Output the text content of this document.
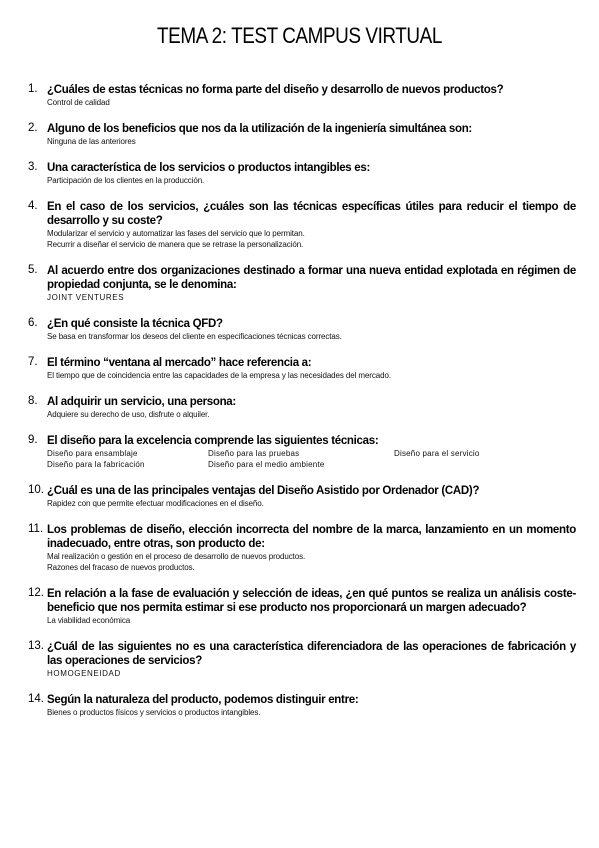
TEMA 2: TEST CAMPUS VIRTUAL
1. ¿Cuáles de estas técnicas no forma parte del diseño y desarrollo de nuevos productos?
Control de calidad
2. Alguno de los beneficios que nos da la utilización de la ingeniería simultánea son:
Ninguna de las anteriores
3. Una característica de los servicios o productos intangibles es:
Participación de los clientes en la producción.
4. En el caso de los servicios, ¿cuáles son las técnicas específicas útiles para reducir el tiempo de desarrollo y su coste?
Modularizar el servicio y automatizar las fases del servicio que lo permitan.
Recurrir a diseñar el servicio de manera que se retrase la personalización.
5. Al acuerdo entre dos organizaciones destinado a formar una nueva entidad explotada en régimen de propiedad conjunta, se le denomina:
JOINT VENTURES
6. ¿En qué consiste la técnica QFD?
Se basa en transformar los deseos del cliente en especificaciones técnicas correctas.
7. El término “ventana al mercado” hace referencia a:
El tiempo que de coincidencia entre las capacidades de la empresa y las necesidades del mercado.
8. Al adquirir un servicio, una persona:
Adquiere su derecho de uso, disfrute o alquiler.
9. El diseño para la excelencia comprende las siguientes técnicas:
Diseño para ensamblaje	Diseño para las pruebas	Diseño para el servicio
Diseño para la fabricación	Diseño para el medio ambiente
10. ¿Cuál es una de las principales ventajas del Diseño Asistido por Ordenador (CAD)?
Rapidez con que permite efectuar modificaciones en el diseño.
11. Los problemas de diseño, elección incorrecta del nombre de la marca, lanzamiento en un momento inadecuado, entre otras, son producto de:
Mal realización o gestión en el proceso de desarrollo de nuevos productos.
Razones del fracaso de nuevos productos.
12. En relación a la fase de evaluación y selección de ideas, ¿en qué puntos se realiza un análisis coste-beneficio que nos permita estimar si ese producto nos proporcionará un margen adecuado?
La viabilidad económica
13. ¿Cuál de las siguientes no es una característica diferenciadora de las operaciones de fabricación y las operaciones de servicios?
HOMOGENEIDAD
14. Según la naturaleza del producto, podemos distinguir entre:
Bienes o productos físicos y servicios o productos intangibles.
